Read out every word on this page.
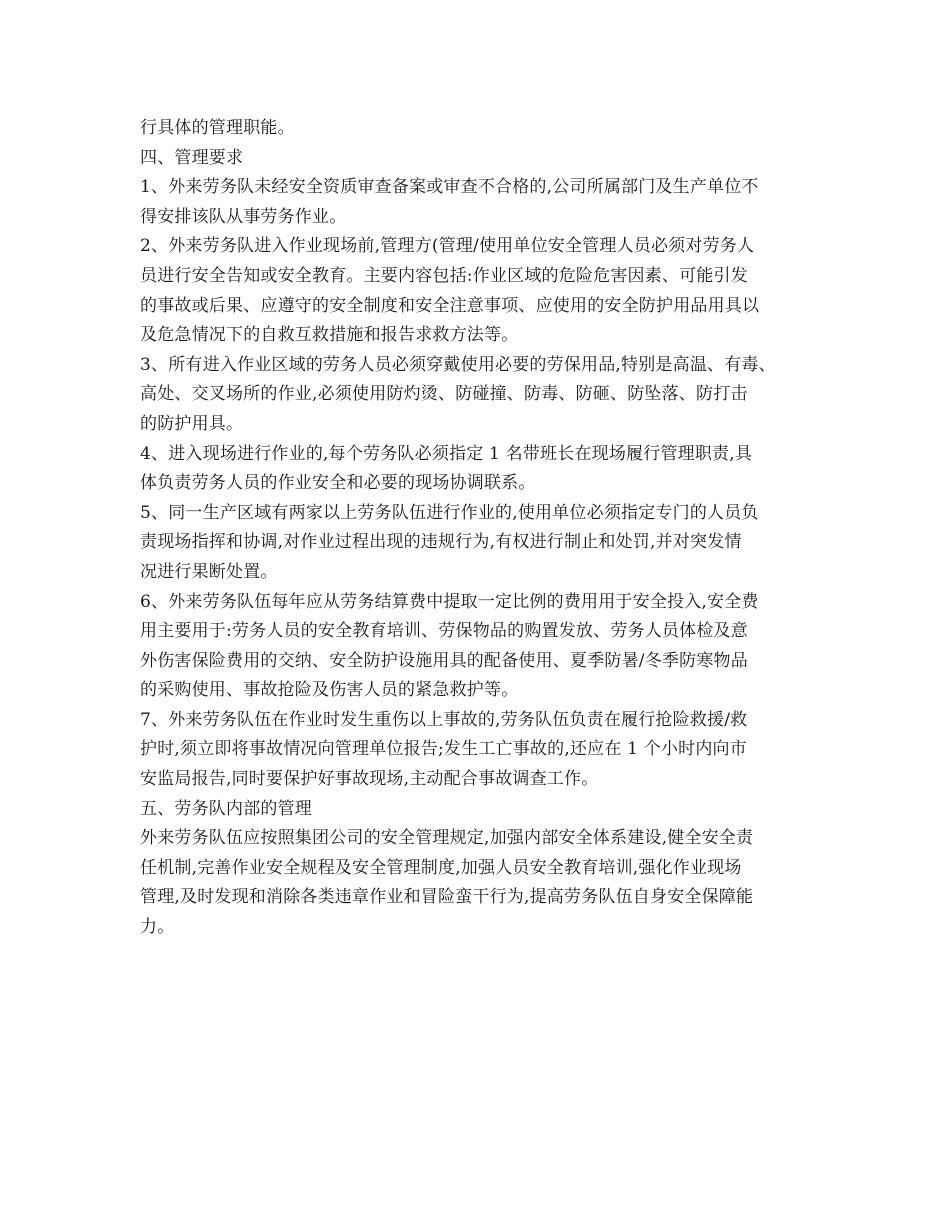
行具体的管理职能。
四、管理要求
1、外来劳务队未经安全资质审查备案或审查不合格的,公司所属部门及生产单位不
得安排该队从事劳务作业。
2、外来劳务队进入作业现场前,管理方(管理/使用单位安全管理人员必须对劳务人
员进行安全告知或安全教育。主要内容包括:作业区域的危险危害因素、可能引发
的事故或后果、应遵守的安全制度和安全注意事项、应使用的安全防护用品用具以
及危急情况下的自救互救措施和报告求救方法等。
3、所有进入作业区域的劳务人员必须穿戴使用必要的劳保用品,特别是高温、有毒、
高处、交叉场所的作业,必须使用防灼烫、防碰撞、防毒、防砸、防坠落、防打击
的防护用具。
4、进入现场进行作业的,每个劳务队必须指定 1 名带班长在现场履行管理职责,具
体负责劳务人员的作业安全和必要的现场协调联系。
5、同一生产区域有两家以上劳务队伍进行作业的,使用单位必须指定专门的人员负
责现场指挥和协调,对作业过程出现的违规行为,有权进行制止和处罚,并对突发情
况进行果断处置。
6、外来劳务队伍每年应从劳务结算费中提取一定比例的费用用于安全投入,安全费
用主要用于:劳务人员的安全教育培训、劳保物品的购置发放、劳务人员体检及意
外伤害保险费用的交纳、安全防护设施用具的配备使用、夏季防暑/冬季防寒物品
的采购使用、事故抢险及伤害人员的紧急救护等。
7、外来劳务队伍在作业时发生重伤以上事故的,劳务队伍负责在履行抢险救援/救
护时,须立即将事故情况向管理单位报告;发生工亡事故的,还应在 1 个小时内向市
安监局报告,同时要保护好事故现场,主动配合事故调查工作。
五、劳务队内部的管理
外来劳务队伍应按照集团公司的安全管理规定,加强内部安全体系建设,健全安全责
任机制,完善作业安全规程及安全管理制度,加强人员安全教育培训,强化作业现场
管理,及时发现和消除各类违章作业和冒险蛮干行为,提高劳务队伍自身安全保障能
力。
